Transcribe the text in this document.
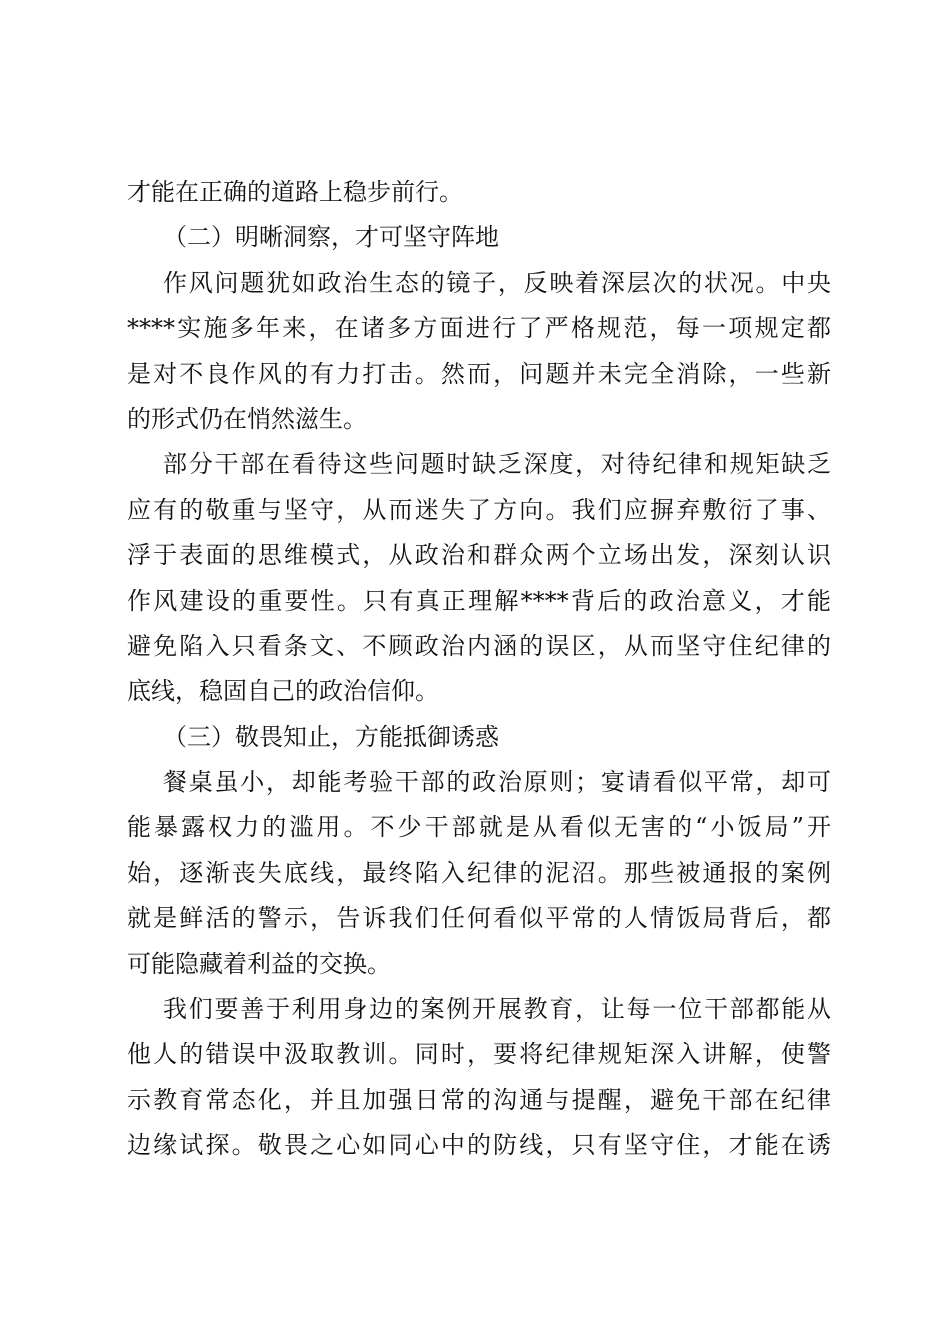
才能在正确的道路上稳步前行。
（二）明晰洞察，才可坚守阵地
作风问题犹如政治生态的镜子，反映着深层次的状况。中央
****实施多年来，在诸多方面进行了严格规范，每一项规定都
是对不良作风的有力打击。然而，问题并未完全消除，一些新
的形式仍在悄然滋生。
部分干部在看待这些问题时缺乏深度，对待纪律和规矩缺乏
应有的敬重与坚守，从而迷失了方向。我们应摒弃敷衍了事、
浮于表面的思维模式，从政治和群众两个立场出发，深刻认识
作风建设的重要性。只有真正理解****背后的政治意义，才能
避免陷入只看条文、不顾政治内涵的误区，从而坚守住纪律的
底线，稳固自己的政治信仰。
（三）敬畏知止，方能抵御诱惑
餐桌虽小，却能考验干部的政治原则；宴请看似平常，却可
能暴露权力的滥用。不少干部就是从看似无害的“小饭局”开
始，逐渐丧失底线，最终陷入纪律的泥沼。那些被通报的案例
就是鲜活的警示，告诉我们任何看似平常的人情饭局背后，都
可能隐藏着利益的交换。
我们要善于利用身边的案例开展教育，让每一位干部都能从
他人的错误中汲取教训。同时，要将纪律规矩深入讲解，使警
示教育常态化，并且加强日常的沟通与提醒，避免干部在纪律
边缘试探。敬畏之心如同心中的防线，只有坚守住，才能在诱
